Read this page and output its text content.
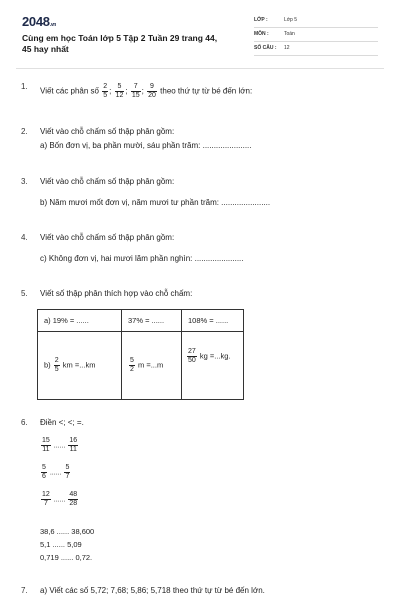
2048.vn
Cùng em học Toán lớp 5 Tập 2 Tuần 29 trang 44, 45 hay nhất
LỚP :	Lớp 5
MÔN :	Toán
SỐ CÂU : 12
1.
Viết các phân số $\frac{2}{5}$ ; $\frac{5}{12}$ ; $\frac{7}{15}$ ; $\frac{9}{20}$ theo thứ tự từ bé đến lớn:
2. Viết vào chỗ chấm số thập phân gồm:
a) Bốn đơn vị, ba phần mười, sáu phần trăm: ......................
3. Viết vào chỗ chấm số thập phân gồm:
b) Năm mươi mốt đơn vị, năm mươi tư phần trăm: ......................
4. Viết vào chỗ chấm số thập phân gồm:
c) Không đơn vị, hai mươi lăm phần nghìn: ......................
5. Viết số thập phân thích hợp vào chỗ chấm:
a) 19% = ......	37% = ......	108% = ......
$b) \frac{2}{5}$ km =...km	$\frac{5}{2}$ m =...m	$\frac{27}{50}$ kg =...kg.
6. Điền <; <; =.
$\frac{15}{11}$ ...... $\frac{16}{11}$
$\frac{5}{6}$ ...... $\frac{5}{7}$
$\frac{12}{7}$ ...... $\frac{48}{28}$
38,6 ...... 38,600
5,1 ...... 5,09
0,719 ...... 0,72.
7. a) Viết các số 5,72; 7,68; 5,86; 5,718 theo thứ tự từ bé đến lớn.
